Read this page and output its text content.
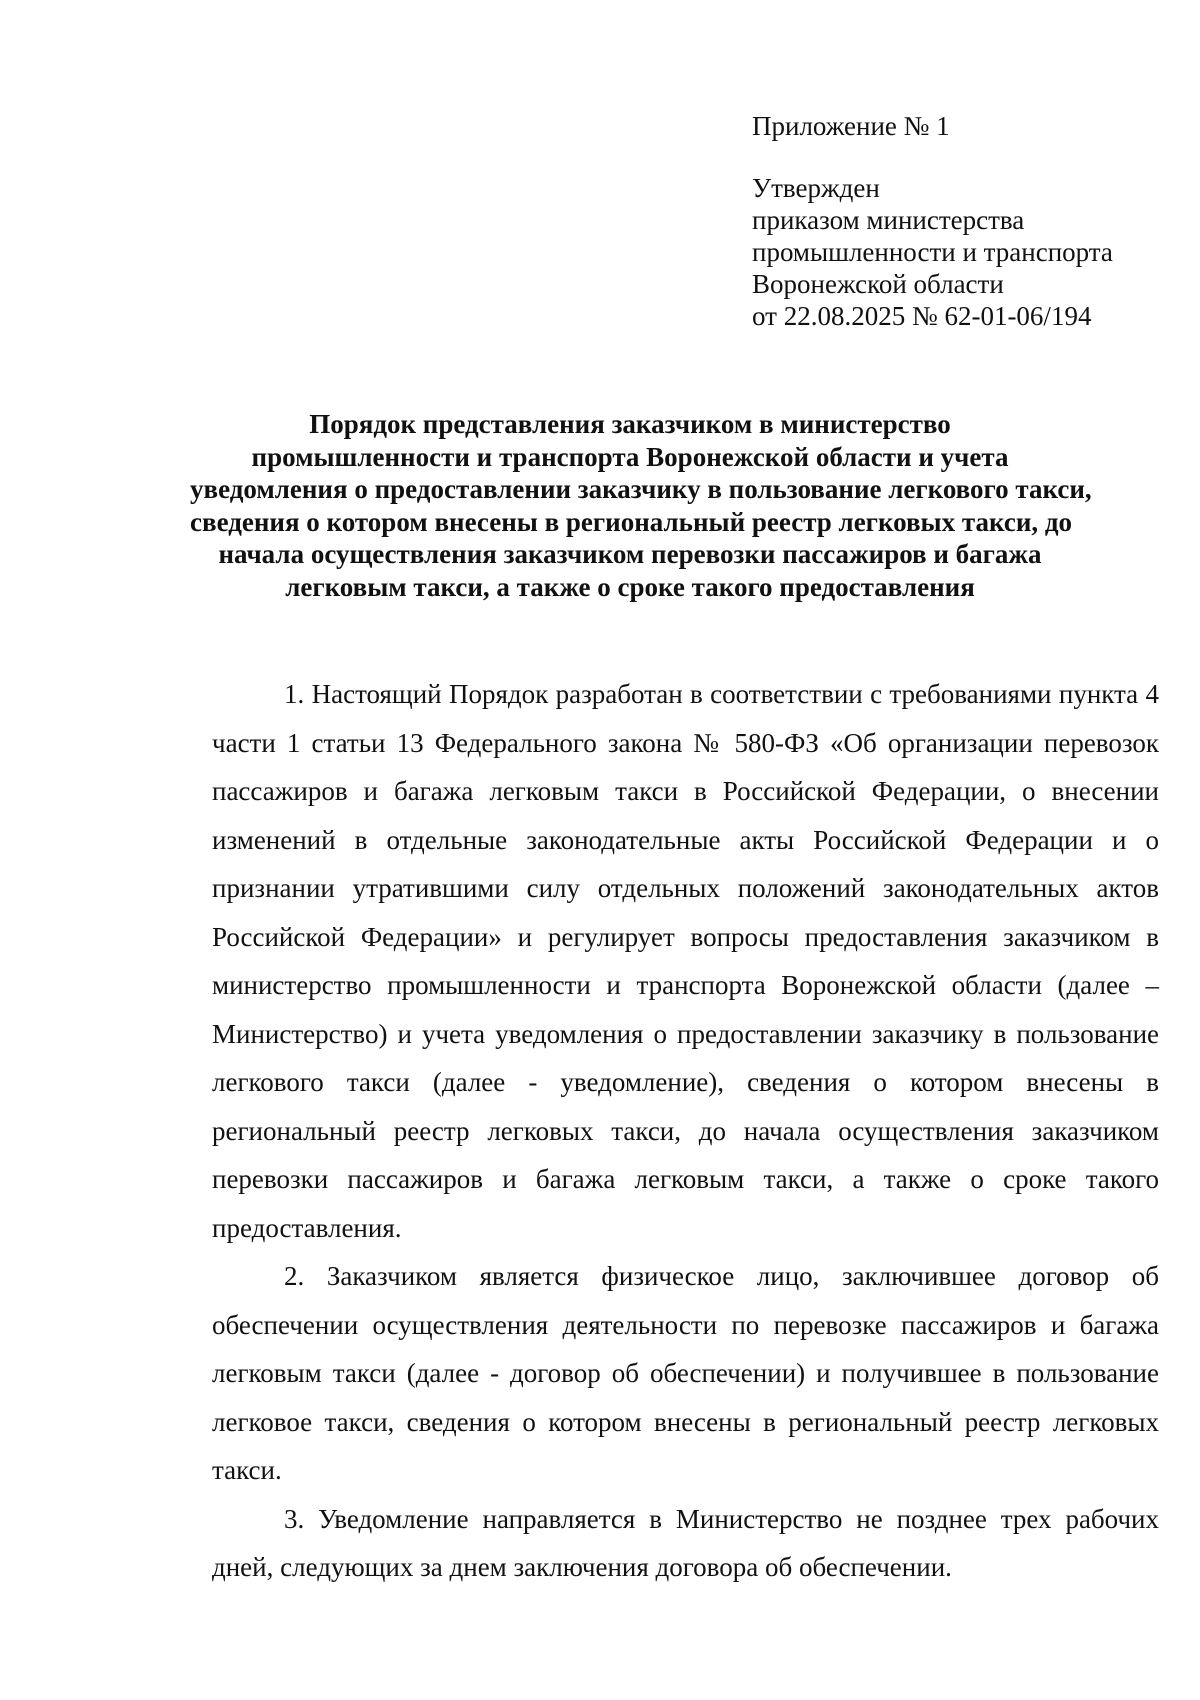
Приложение № 1
Утвержден
приказом министерства
промышленности и транспорта
Воронежской области
от 22.08.2025 № 62-01-06/194
Порядок представления заказчиком в министерство
промышленности и транспорта Воронежской области и учета
уведомления о предоставлении заказчику в пользование легкового такси,
сведения о котором внесены в региональный реестр легковых такси, до
начала осуществления заказчиком перевозки пассажиров и багажа
легковым такси, а также о сроке такого предоставления

1. Настоящий Порядок разработан в соответствии с требованиями пункта 4 части 1 статьи 13 Федерального закона № 580-ФЗ «Об организации перевозок пассажиров и багажа легковым такси в Российской Федерации, о внесении изменений в отдельные законодательные акты Российской Федерации и о признании утратившими силу отдельных положений законодательных актов Российской Федерации» и регулирует вопросы предоставления заказчиком в министерство промышленности и транспорта Воронежской области (далее – Министерство) и учета уведомления о предоставлении заказчику в пользование легкового такси (далее - уведомление), сведения о котором внесены в региональный реестр легковых такси, до начала осуществления заказчиком перевозки пассажиров и багажа легковым такси, а также о сроке такого предоставления.

2. Заказчиком является физическое лицо, заключившее договор об обеспечении осуществления деятельности по перевозке пассажиров и багажа легковым такси (далее - договор об обеспечении) и получившее в пользование легковое такси, сведения о котором внесены в региональный реестр легковых такси.

3. Уведомление направляется в Министерство не позднее трех рабочих дней, следующих за днем заключения договора об обеспечении.
